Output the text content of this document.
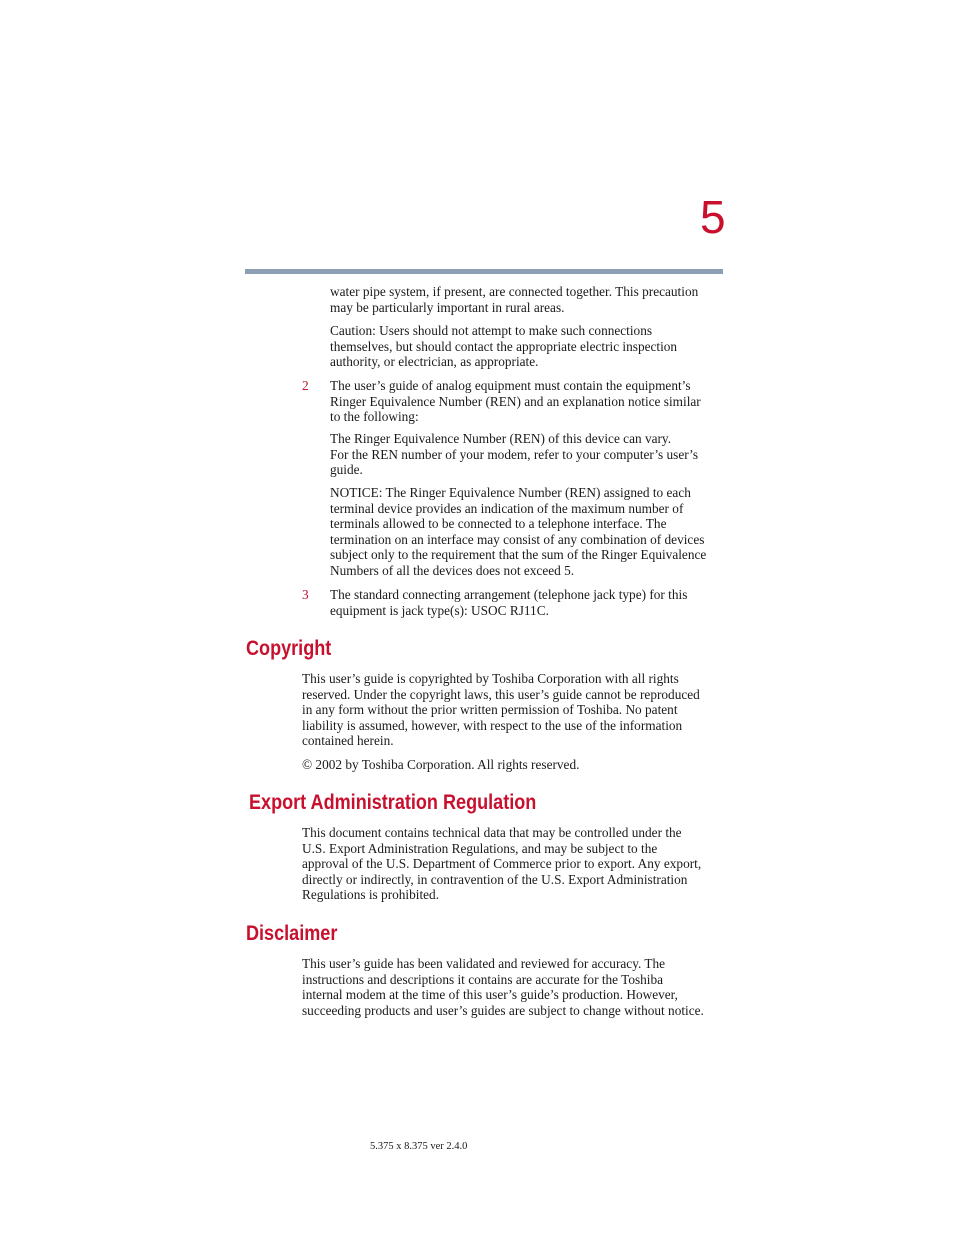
5
water pipe system, if present, are connected together. This precaution
may be particularly important in rural areas.
Caution: Users should not attempt to make such connections
themselves, but should contact the appropriate electric inspection
authority, or electrician, as appropriate.
2 The user’s guide of analog equipment must contain the equipment’s
Ringer Equivalence Number (REN) and an explanation notice similar
to the following:
The Ringer Equivalence Number (REN) of this device can vary.
For the REN number of your modem, refer to your computer’s user’s
guide.
NOTICE: The Ringer Equivalence Number (REN) assigned to each
terminal device provides an indication of the maximum number of
terminals allowed to be connected to a telephone interface. The
termination on an interface may consist of any combination of devices
subject only to the requirement that the sum of the Ringer Equivalence
Numbers of all the devices does not exceed 5.
3 The standard connecting arrangement (telephone jack type) for this
equipment is jack type(s): USOC RJ11C.
Copyright
This user’s guide is copyrighted by Toshiba Corporation with all rights
reserved. Under the copyright laws, this user’s guide cannot be reproduced
in any form without the prior written permission of Toshiba. No patent
liability is assumed, however, with respect to the use of the information
contained herein.
© 2002 by Toshiba Corporation. All rights reserved.
Export Administration Regulation
This document contains technical data that may be controlled under the
U.S. Export Administration Regulations, and may be subject to the
approval of the U.S. Department of Commerce prior to export. Any export,
directly or indirectly, in contravention of the U.S. Export Administration
Regulations is prohibited.
Disclaimer
This user’s guide has been validated and reviewed for accuracy. The
instructions and descriptions it contains are accurate for the Toshiba
internal modem at the time of this user’s guide’s production. However,
succeeding products and user’s guides are subject to change without notice.
5.375 x 8.375 ver 2.4.0
